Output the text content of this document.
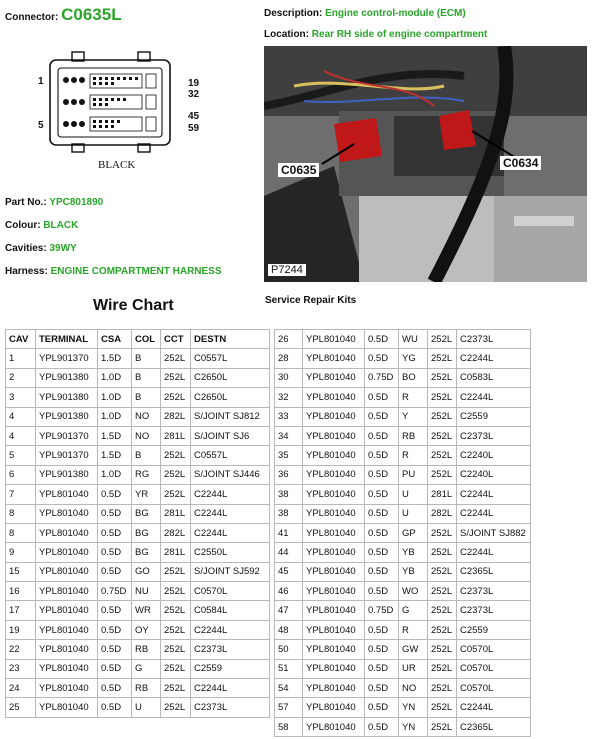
Connector: C0635L	Description: Engine control-module (ECM)
Location: Rear RH side of engine compartment
1
5
19
32
45
59
BLACK	C0635	C0634
P7244
Part No.: YPC801890
Colour: BLACK
Cavities: 39WY
Harness: ENGINE COMPARTMENT HARNESS
Wire Chart	Service Repair Kits
CAV	TERMINAL	CSA	COL	CCT	DESTN
1	YPL901370	1.5D	B	252L	C0557L
2	YPL901380	1.0D	B	252L	C2650L
3	YPL901380	1.0D	B	252L	C2650L
4	YPL901380	1.0D	NO	282L	S/JOINT SJ812
4	YPL901370	1.5D	NO	281L	S/JOINT SJ6
5	YPL901370	1.5D	B	252L	C0557L
6	YPL901380	1.0D	RG	252L	S/JOINT SJ446
7	YPL801040	0.5D	YR	252L	C2244L
8	YPL801040	0.5D	BG	281L	C2244L
8	YPL801040	0.5D	BG	282L	C2244L
9	YPL801040	0.5D	BG	281L	C2550L
15	YPL801040	0.5D	GO	252L	S/JOINT SJ592
16	YPL801040	0.75D	NU	252L	C0570L
17	YPL801040	0.5D	WR	252L	C0584L
19	YPL801040	0.5D	OY	252L	C2244L
22	YPL801040	0.5D	RB	252L	C2373L
23	YPL801040	0.5D	G	252L	C2559
24	YPL801040	0.5D	RB	252L	C2244L
25	YPL801040	0.5D	U	252L	C2373L
26	YPL801040	0.5D	WU	252L	C2373L
28	YPL801040	0.5D	YG	252L	C2244L
30	YPL801040	0.75D	BO	252L	C0583L
32	YPL801040	0.5D	R	252L	C2244L
33	YPL801040	0.5D	Y	252L	C2559
34	YPL801040	0.5D	RB	252L	C2373L
35	YPL801040	0.5D	R	252L	C2240L
36	YPL801040	0.5D	PU	252L	C2240L
38	YPL801040	0.5D	U	281L	C2244L
38	YPL801040	0.5D	U	282L	C2244L
41	YPL801040	0.5D	GP	252L	S/JOINT SJ882
44	YPL801040	0.5D	YB	252L	C2244L
45	YPL801040	0.5D	YB	252L	C2365L
46	YPL801040	0.5D	WO	252L	C2373L
47	YPL801040	0.75D	G	252L	C2373L
48	YPL801040	0.5D	R	252L	C2559
50	YPL801040	0.5D	GW	252L	C0570L
51	YPL801040	0.5D	UR	252L	C0570L
54	YPL801040	0.5D	NO	252L	C0570L
57	YPL801040	0.5D	YN	252L	C2244L
58	YPL801040	0.5D	YN	252L	C2365L
